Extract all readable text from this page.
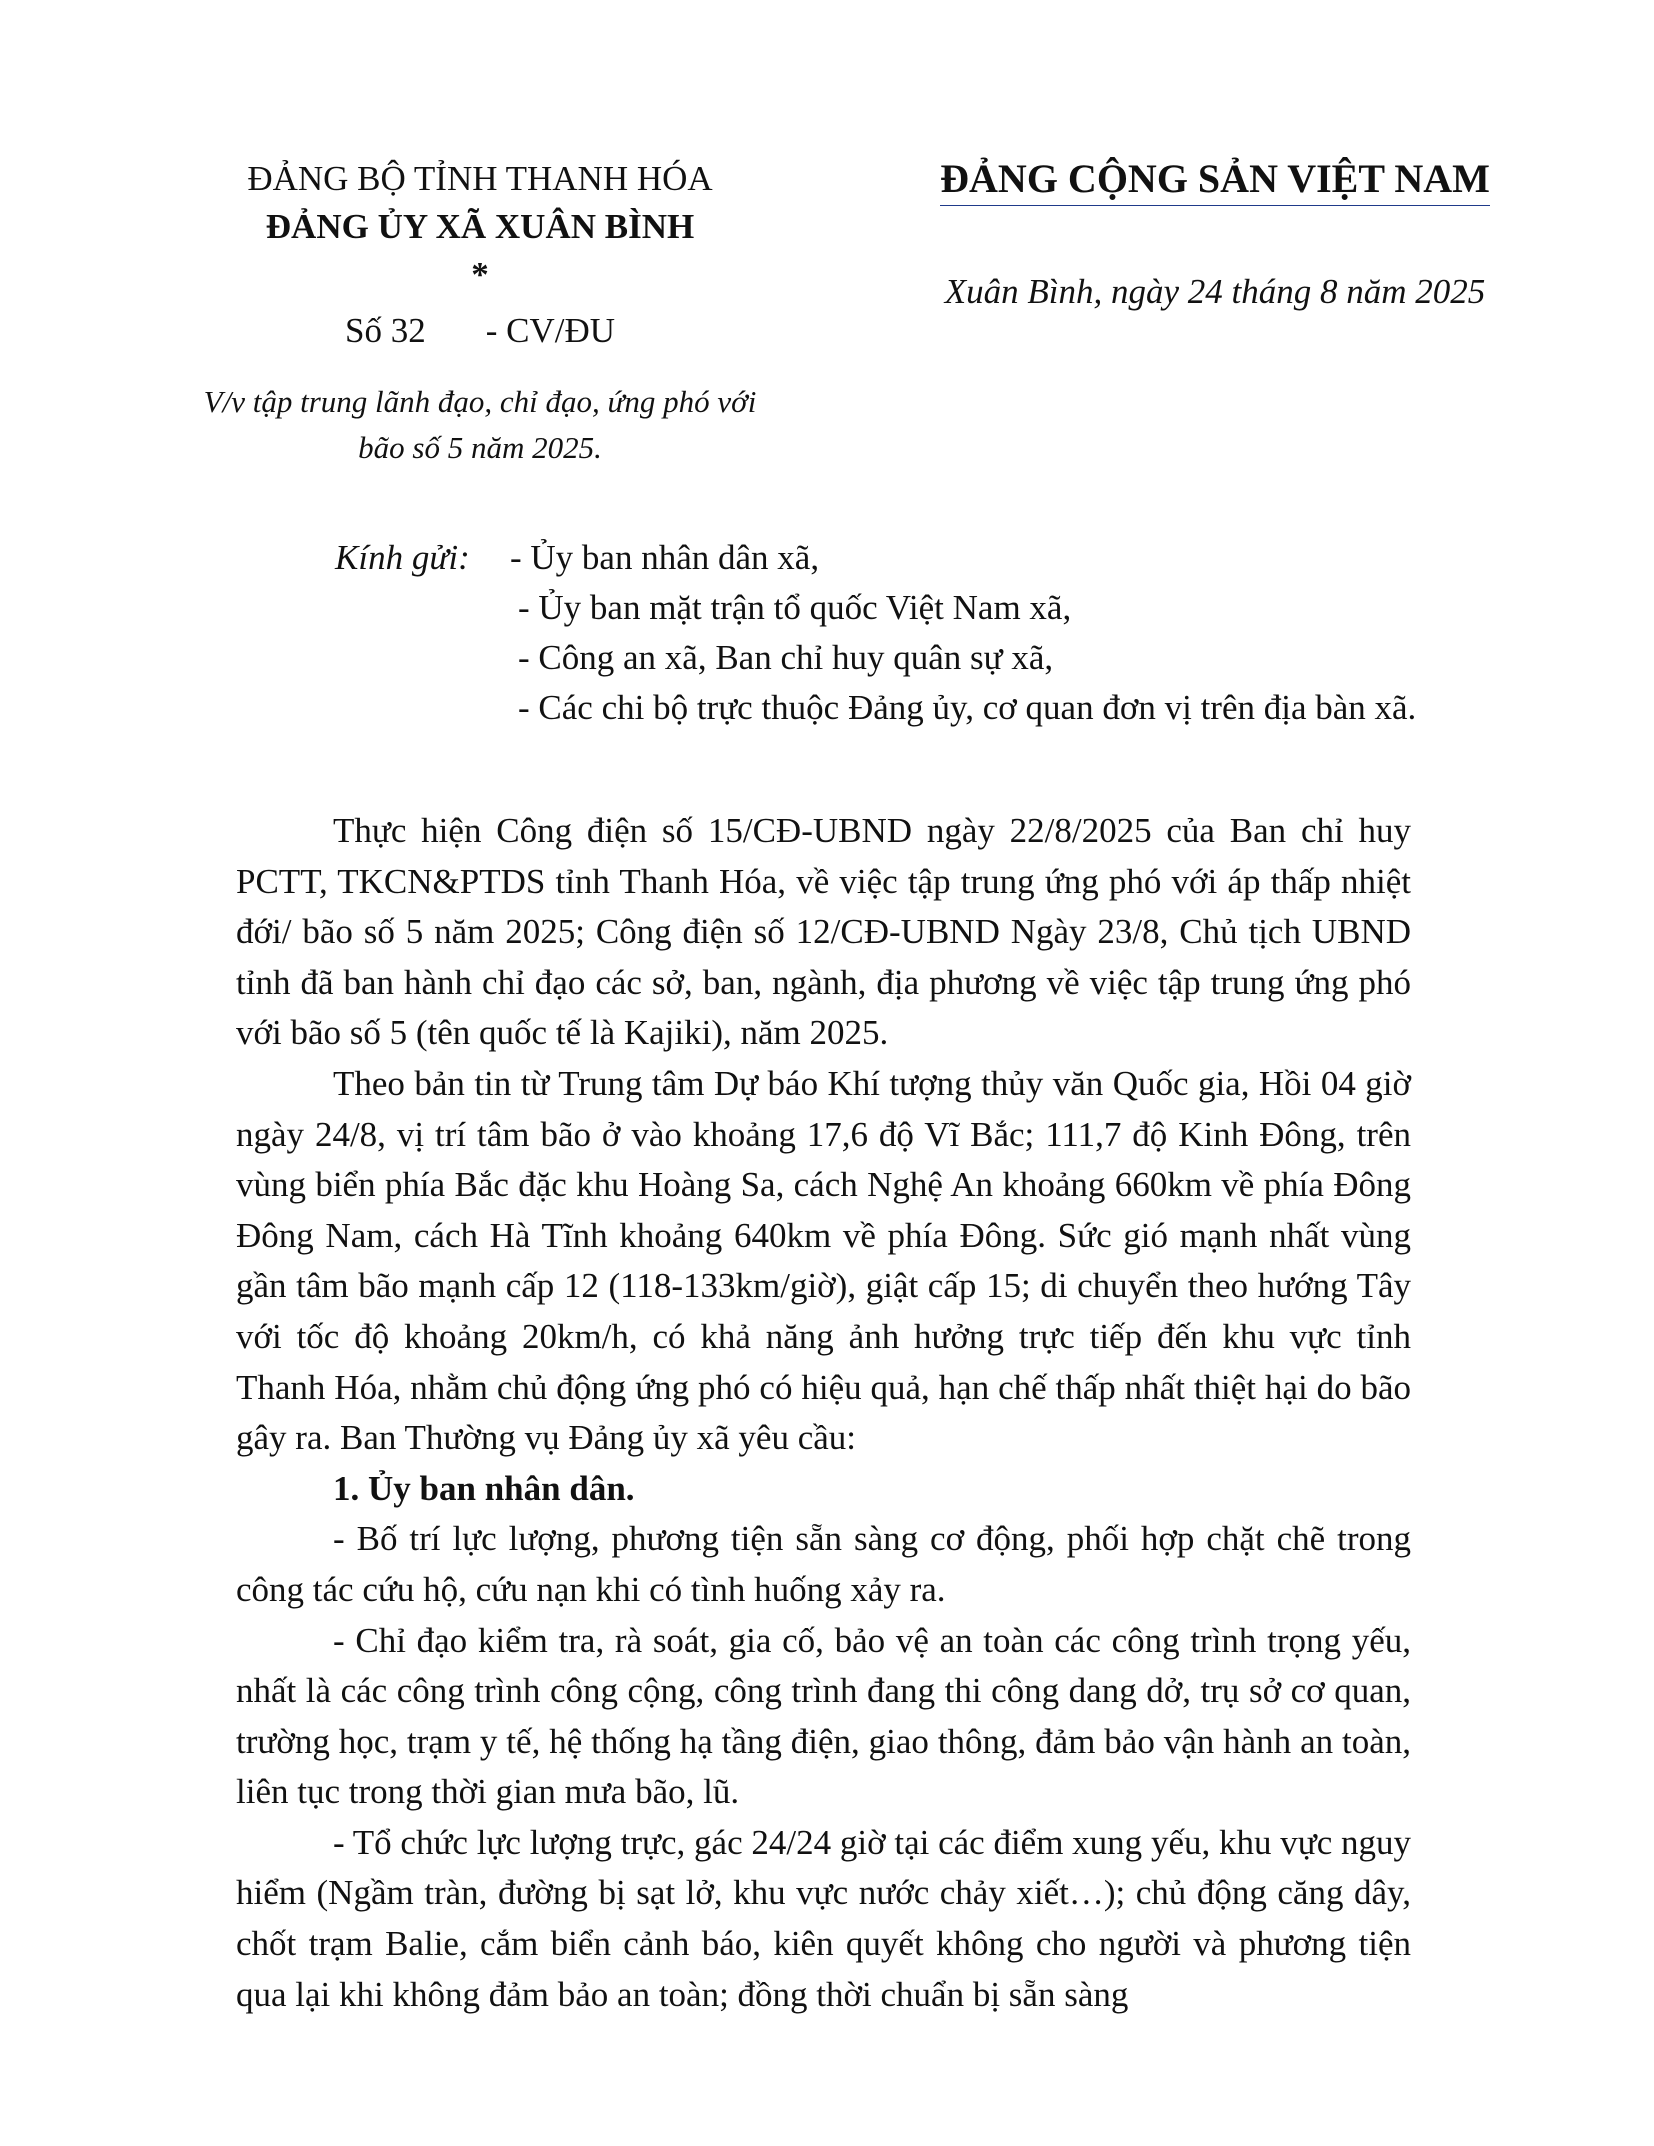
ĐẢNG BỘ TỈNH THANH HÓA
ĐẢNG ỦY XÃ XUÂN BÌNH
*
Số 32 - CV/ĐU
V/v tập trung lãnh đạo, chỉ đạo, ứng phó với
bão số 5 năm 2025.
ĐẢNG CỘNG SẢN VIỆT NAM
Xuân Bình, ngày 24 tháng 8 năm 2025
Kính gửi: - Ủy ban nhân dân xã,
- Ủy ban mặt trận tổ quốc Việt Nam xã,
- Công an xã, Ban chỉ huy quân sự xã,
- Các chi bộ trực thuộc Đảng ủy, cơ quan đơn vị trên địa bàn xã.

Thực hiện Công điện số 15/CĐ-UBND ngày 22/8/2025 của Ban chỉ huy PCTT, TKCN&PTDS tỉnh Thanh Hóa, về việc tập trung ứng phó với áp thấp nhiệt đới/ bão số 5 năm 2025; Công điện số 12/CĐ-UBND Ngày 23/8, Chủ tịch UBND tỉnh đã ban hành chỉ đạo các sở, ban, ngành, địa phương về việc tập trung ứng phó với bão số 5 (tên quốc tế là Kajiki), năm 2025.

Theo bản tin từ Trung tâm Dự báo Khí tượng thủy văn Quốc gia, Hồi 04 giờ ngày 24/8, vị trí tâm bão ở vào khoảng 17,6 độ Vĩ Bắc; 111,7 độ Kinh Đông, trên vùng biển phía Bắc đặc khu Hoàng Sa, cách Nghệ An khoảng 660km về phía Đông Đông Nam, cách Hà Tĩnh khoảng 640km về phía Đông. Sức gió mạnh nhất vùng gần tâm bão mạnh cấp 12 (118-133km/giờ), giật cấp 15; di chuyển theo hướng Tây với tốc độ khoảng 20km/h, có khả năng ảnh hưởng trực tiếp đến khu vực tỉnh Thanh Hóa, nhằm chủ động ứng phó có hiệu quả, hạn chế thấp nhất thiệt hại do bão gây ra. Ban Thường vụ Đảng ủy xã yêu cầu:

1. Ủy ban nhân dân.

- Bố trí lực lượng, phương tiện sẵn sàng cơ động, phối hợp chặt chẽ trong công tác cứu hộ, cứu nạn khi có tình huống xảy ra.

- Chỉ đạo kiểm tra, rà soát, gia cố, bảo vệ an toàn các công trình trọng yếu, nhất là các công trình công cộng, công trình đang thi công dang dở, trụ sở cơ quan, trường học, trạm y tế, hệ thống hạ tầng điện, giao thông, đảm bảo vận hành an toàn, liên tục trong thời gian mưa bão, lũ.

- Tổ chức lực lượng trực, gác 24/24 giờ tại các điểm xung yếu, khu vực nguy hiểm (Ngầm tràn, đường bị sạt lở, khu vực nước chảy xiết…); chủ động căng dây, chốt trạm Balie, cắm biển cảnh báo, kiên quyết không cho người và phương tiện qua lại khi không đảm bảo an toàn; đồng thời chuẩn bị sẵn sàng
